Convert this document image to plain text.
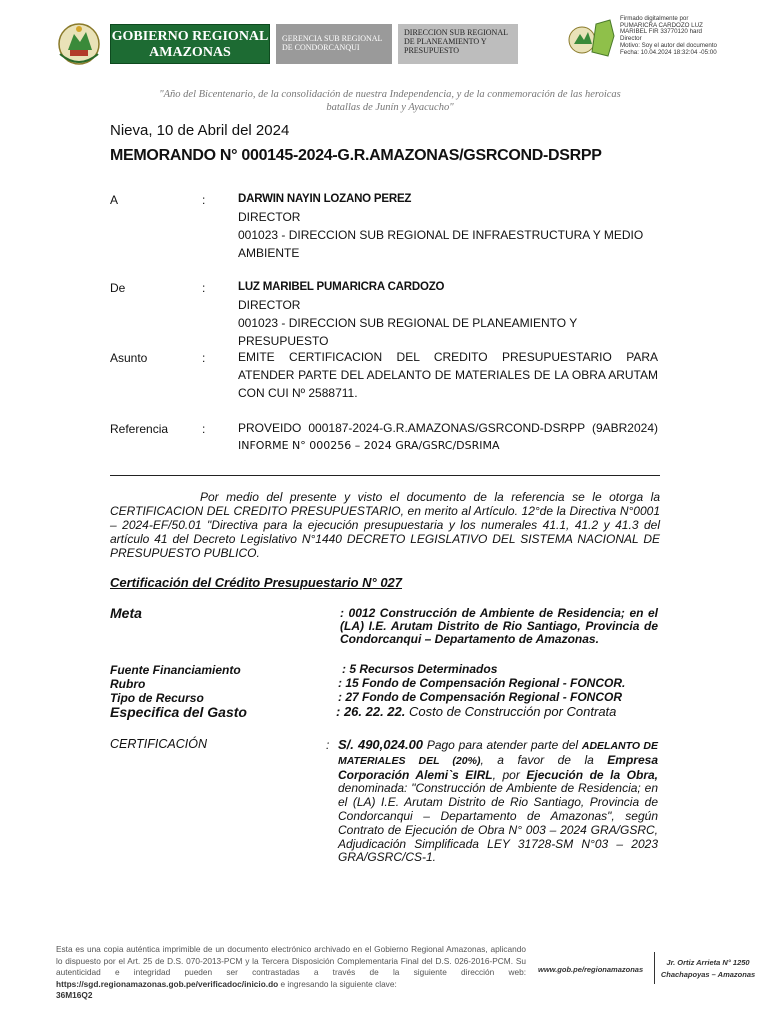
GOBIERNO REGIONAL
AMAZONAS
GERENCIA SUB REGIONAL
DE CONDORCANQUI
DIRECCION SUB REGIONAL
DE PLANEAMIENTO Y
PRESUPUESTO
Firmado digitalmente por
PUMARICRA CARDOZO LUZ
MARIBEL FIR 33770120 hard
Director
Motivo: Soy el autor del documento
Fecha: 10.04.2024 18:32:04 -05:00
"Año del Bicentenario, de la consolidación de nuestra Independencia, y de la conmemoración de las heroicas
batallas de Junín y Ayacucho"
Nieva, 10 de Abril del 2024
MEMORANDO N° 000145-2024-G.R.AMAZONAS/GSRCOND-DSRPP
A	:	DARWIN NAYIN LOZANO PEREZ
DIRECTOR
001023 - DIRECCION SUB REGIONAL DE INFRAESTRUCTURA Y MEDIO AMBIENTE
De	:	LUZ MARIBEL PUMARICRA CARDOZO
DIRECTOR
001023 - DIRECCION SUB REGIONAL DE PLANEAMIENTO Y PRESUPUESTO
Asunto	:	EMITE CERTIFICACION DEL CREDITO PRESUPUESTARIO PARA ATENDER PARTE DEL ADELANTO DE MATERIALES DE LA OBRA ARUTAM CON CUI Nº 2588711.
Referencia	:	PROVEIDO 000187-2024-G.R.AMAZONAS/GSRCOND-DSRPP (9ABR2024)
INFORME N° 000256 – 2024 GRA/GSRC/DSRIMA
Por medio del presente y visto el documento de la referencia se le otorga la CERTIFICACION DEL CREDITO PRESUPUESTARIO, en merito al Artículo. 12°de la Directiva N°0001 – 2024-EF/50.01 "Directiva para la ejecución presupuestaria y los numerales 41.1, 41.2 y 41.3 del artículo 41 del Decreto Legislativo N°1440 DECRETO LEGISLATIVO DEL SISTEMA NACIONAL DE PRESUPUESTO PUBLICO.
Certificación del Crédito Presupuestario N° 027
Meta	: 0012 Construcción de Ambiente de Residencia; en el (LA) I.E. Arutam Distrito de Rio Santiago, Provincia de Condorcanqui – Departamento de Amazonas.
Fuente Financiamiento	: 5 Recursos Determinados
Rubro	: 15 Fondo de Compensación Regional - FONCOR.
Tipo de Recurso	: 27 Fondo de Compensación Regional - FONCOR
Especifica del Gasto	: 26. 22. 22. Costo de Construcción por Contrata
CERTIFICACIÓN	: S/. 490,024.00 Pago para atender parte del ADELANTO DE MATERIALES DEL (20%), a favor de la Empresa Corporación Alemi`s EIRL, por Ejecución de la Obra, denominada: "Construcción de Ambiente de Residencia; en el (LA) I.E. Arutam Distrito de Rio Santiago, Provincia de Condorcanqui – Departamento de Amazonas", según Contrato de Ejecución de Obra N° 003 – 2024 GRA/GSRC, Adjudicación Simplificada LEY 31728-SM N°03 – 2023 GRA/GSRC/CS-1.
Esta es una copia auténtica imprimible de un documento electrónico archivado en el Gobierno Regional Amazonas, aplicando lo dispuesto por el Art. 25 de D.S. 070-2013-PCM y la Tercera Disposición Complementaria Final del D.S. 026-2016-PCM. Su autenticidad e integridad pueden ser contrastadas a través de la siguiente dirección web: https://sgd.regionamazonas.gob.pe/verificadoc/inicio.do e ingresando la siguiente clave:
36M16Q2
www.gob.pe/regionamazonas
Jr. Ortiz Arrieta N° 1250
Chachapoyas – Amazonas
